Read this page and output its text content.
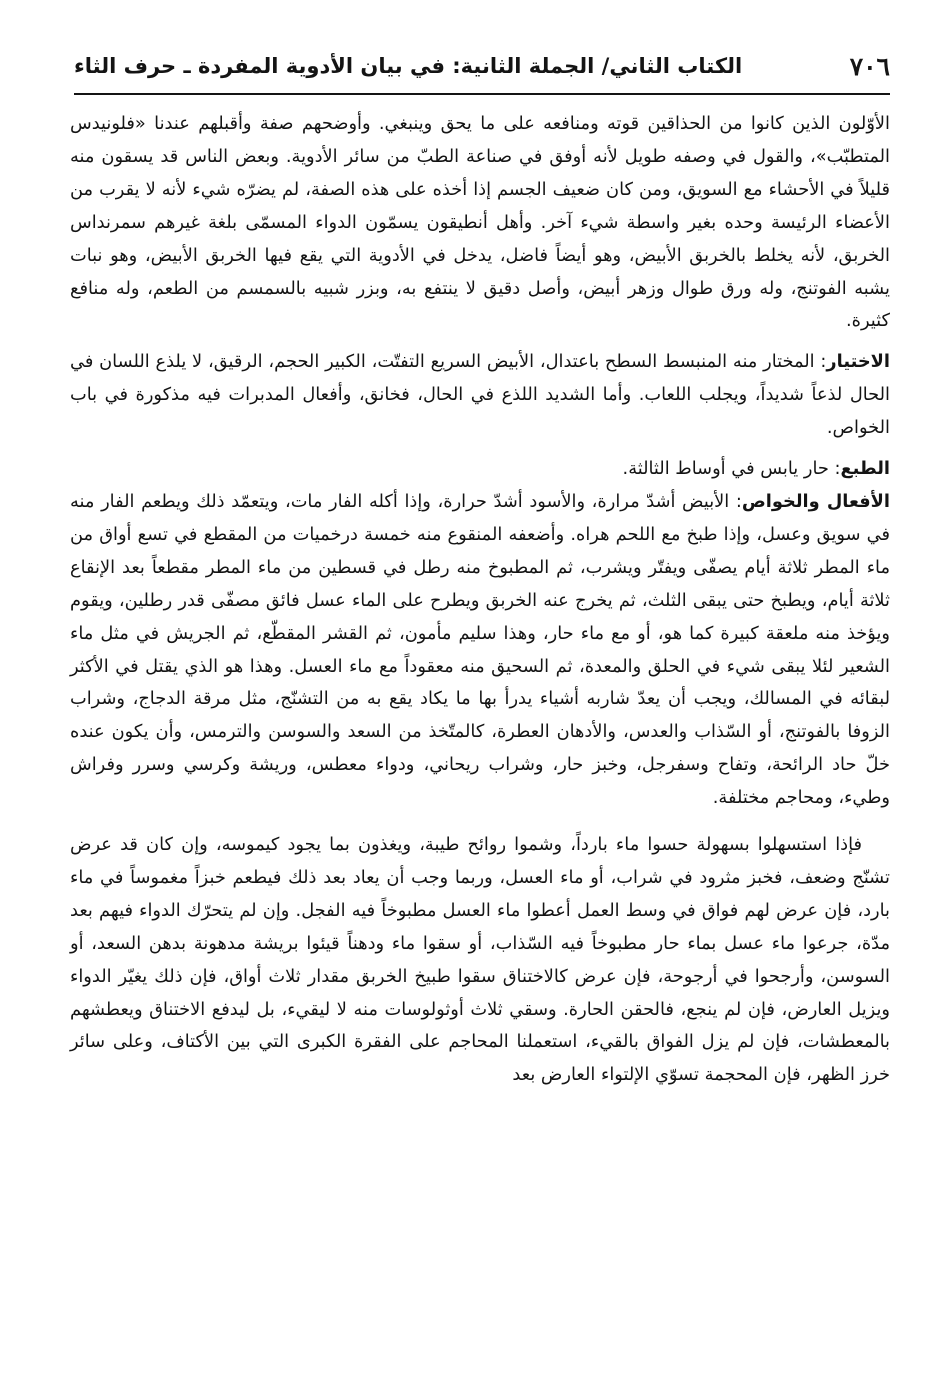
٧٠٦
الكتاب الثاني/ الجملة الثانية: في بيان الأدوية المفردة ـ حرف الثاء

الأوّلون الذين كانوا من الحذاقين قوته ومنافعه على ما يحق وينبغي. وأوضحهم صفة وأقبلهم عندنا «فلونيدس المتطبّب»، والقول في وصفه طويل لأنه أوفق في صناعة الطبّ من سائر الأدوية. وبعض الناس قد يسقون منه قليلاً في الأحشاء مع السويق، ومن كان ضعيف الجسم إذا أخذه على هذه الصفة، لم يضرّه شيء لأنه لا يقرب من الأعضاء الرئيسة وحده بغير واسطة شيء آخر. وأهل أنطيقون يسمّون الدواء المسمّى بلغة غيرهم سمرنداس الخربق، لأنه يخلط بالخربق الأبيض، وهو أيضاً فاضل، يدخل في الأدوية التي يقع فيها الخربق الأبيض، وهو نبات يشبه الفوتنج، وله ورق طوال وزهر أبيض، وأصل دقيق لا ينتفع به، وبزر شبيه بالسمسم من الطعم، وله منافع كثيرة.

الاختيار: المختار منه المنبسط السطح باعتدال، الأبيض السريع التفتّت، الكبير الحجم، الرقيق، لا يلذع اللسان في الحال لذعاً شديداً، ويجلب اللعاب. وأما الشديد اللذع في الحال، فخانق، وأفعال المدبرات فيه مذكورة في باب الخواص.

الطبع: حار يابس في أوساط الثالثة.

الأفعال والخواص: الأبيض أشدّ مرارة، والأسود أشدّ حرارة، وإذا أكله الفار مات، ويتعمّد ذلك ويطعم الفار منه في سويق وعسل، وإذا طبخ مع اللحم هراه. وأضعفه المنقوع منه خمسة درخميات من المقطع في تسع أواق من ماء المطر ثلاثة أيام يصفّى ويفتّر ويشرب، ثم المطبوخ منه رطل في قسطين من ماء المطر مقطعاً بعد الإنقاع ثلاثة أيام، ويطبخ حتى يبقى الثلث، ثم يخرج عنه الخربق ويطرح على الماء عسل فائق مصفّى قدر رطلين، ويقوم ويؤخذ منه ملعقة كبيرة كما هو، أو مع ماء حار، وهذا سليم مأمون، ثم القشر المقطّع، ثم الجريش في مثل ماء الشعير لئلا يبقى شيء في الحلق والمعدة، ثم السحيق منه معقوداً مع ماء العسل. وهذا هو الذي يقتل في الأكثر لبقائه في المسالك، ويجب أن يعدّ شاربه أشياء يدرأ بها ما يكاد يقع به من التشنّج، مثل مرقة الدجاج، وشراب الزوفا بالفوتنج، أو السّذاب والعدس، والأدهان العطرة، كالمتّخذ من السعد والسوسن والترمس، وأن يكون عنده خلّ حاد الرائحة، وتفاح وسفرجل، وخبز حار، وشراب ريحاني، ودواء معطس، وريشة وكرسي وسرر وفراش وطيء، ومحاجم مختلفة.

فإذا استسهلوا بسهولة حسوا ماء بارداً، وشموا روائح طيبة، ويغذون بما يجود كيموسه، وإن كان قد عرض تشنّج وضعف، فخبز مثرود في شراب، أو ماء العسل، وربما وجب أن يعاد بعد ذلك فيطعم خبزاً مغموساً في ماء بارد، فإن عرض لهم فواق في وسط العمل أعطوا ماء العسل مطبوخاً فيه الفجل. وإن لم يتحرّك الدواء فيهم بعد مدّة، جرعوا ماء عسل بماء حار مطبوخاً فيه السّذاب، أو سقوا ماء ودهناً قيئوا بريشة مدهونة بدهن السعد، أو السوسن، وأرجحوا في أرجوحة، فإن عرض كالاختناق سقوا طبيخ الخربق مقدار ثلاث أواق، فإن ذلك يغيّر الدواء ويزيل العارض، فإن لم ينجع، فالحقن الحارة. وسقي ثلاث أوثولوسات منه لا ليقيء، بل ليدفع الاختناق ويعطشهم بالمعطشات، فإن لم يزل الفواق بالقيء، استعملنا المحاجم على الفقرة الكبرى التي بين الأكتاف، وعلى سائر خرز الظهر، فإن المحجمة تسوّي الإلتواء العارض بعد
